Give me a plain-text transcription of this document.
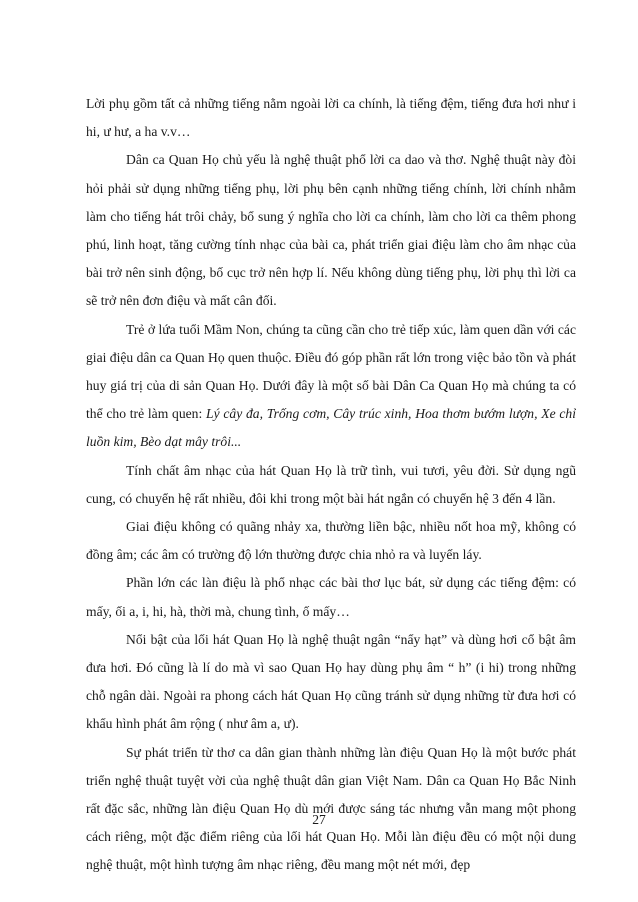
Lời phụ gồm tất cả những tiếng nằm ngoài lời ca chính, là tiếng đệm, tiếng đưa hơi như i hi, ư hư, a ha v.v…

Dân ca Quan Họ chủ yếu là nghệ thuật phổ lời ca dao và thơ. Nghệ thuật này đòi hỏi phải sử dụng những tiếng phụ, lời phụ bên cạnh những tiếng chính, lời chính nhằm làm cho tiếng hát trôi chảy, bổ sung ý nghĩa cho lời ca chính, làm cho lời ca thêm phong phú, linh hoạt, tăng cường tính nhạc của bài ca, phát triển giai điệu làm cho âm nhạc của bài trở nên sinh động, bố cục trở nên hợp lí. Nếu không dùng tiếng phụ, lời phụ thì lời ca sẽ trở nên đơn điệu và mất cân đối.

Trẻ ở lứa tuổi Mầm Non, chúng ta cũng cần cho trẻ tiếp xúc, làm quen dần với các giai điệu dân ca Quan Họ quen thuộc. Điều đó góp phần rất lớn trong việc bảo tồn và phát huy giá trị của di sản Quan Họ. Dưới đây là một số bài Dân Ca Quan Họ mà chúng ta có thể cho trẻ làm quen: Lý cây đa, Trống cơm, Cây trúc xinh, Hoa thơm bướm lượn, Xe chỉ luồn kim, Bèo dạt mây trôi...

Tính chất âm nhạc của hát Quan Họ là trữ tình, vui tươi, yêu đời. Sử dụng ngũ cung, có chuyển hệ rất nhiều, đôi khi trong một bài hát ngắn có chuyển hệ 3 đến 4 lần.

Giai điệu không có quãng nhảy xa, thường liền bậc, nhiều nốt hoa mỹ, không có đồng âm; các âm có trường độ lớn thường được chia nhỏ ra và luyến láy.

Phần lớn các làn điệu là phổ nhạc các bài thơ lục bát, sử dụng các tiếng đệm: có mấy, ối a, i, hi, hà, thời mà, chung tình, ố mấy…

Nổi bật của lối hát Quan Họ là nghệ thuật ngân “nẩy hạt” và dùng hơi cổ bật âm đưa hơi. Đó cũng là lí do mà vì sao Quan Họ hay dùng phụ âm “ h” (i hi) trong những chỗ ngân dài. Ngoài ra phong cách hát Quan Họ cũng tránh sử dụng những từ đưa hơi có khẩu hình phát âm rộng ( như âm a, ư).

Sự phát triển từ thơ ca dân gian thành những làn điệu Quan Họ là một bước phát triển nghệ thuật tuyệt vời của nghệ thuật dân gian Việt Nam. Dân ca Quan Họ Bắc Ninh rất đặc sắc, những làn điệu Quan Họ dù mới được sáng tác nhưng vẫn mang một phong cách riêng, một đặc điểm riêng của lối hát Quan Họ. Mỗi làn điệu đều có một nội dung nghệ thuật, một hình tượng âm nhạc riêng, đều mang một nét mới, đẹp

27
